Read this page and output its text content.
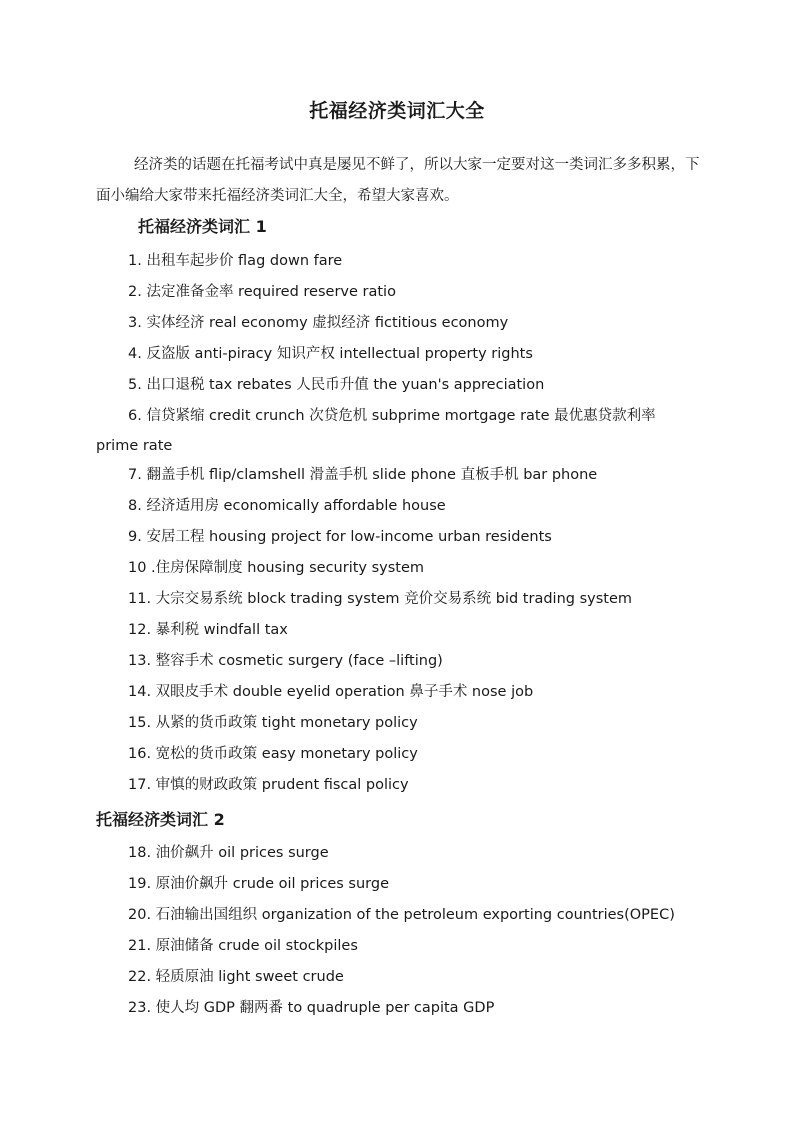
托福经济类词汇大全

经济类的话题在托福考试中真是屡见不鲜了，所以大家一定要对这一类词汇多多积累，下面小编给大家带来托福经济类词汇大全，希望大家喜欢。

托福经济类词汇 1
1. 出租车起步价 flag down fare
2. 法定准备金率 required reserve ratio
3. 实体经济 real economy 虚拟经济 fictitious economy
4. 反盗版 anti-piracy 知识产权 intellectual property rights
5. 出口退税 tax rebates 人民币升值 the yuan's appreciation
6. 信贷紧缩 credit crunch 次贷危机 subprime mortgage rate 最优惠贷款利率
prime rate
7. 翻盖手机 flip/clamshell 滑盖手机 slide phone 直板手机 bar phone
8. 经济适用房 economically affordable house
9. 安居工程 housing project for low-income urban residents
10 .住房保障制度 housing security system
11. 大宗交易系统 block trading system 竞价交易系统 bid trading system
12. 暴利税 windfall tax
13. 整容手术 cosmetic surgery (face –lifting)
14. 双眼皮手术 double eyelid operation 鼻子手术 nose job
15. 从紧的货币政策 tight monetary policy
16. 宽松的货币政策 easy monetary policy
17. 审慎的财政政策 prudent fiscal policy
托福经济类词汇 2
18. 油价飙升 oil prices surge
19. 原油价飙升 crude oil prices surge
20. 石油输出国组织 organization of the petroleum exporting countries(OPEC)
21. 原油储备 crude oil stockpiles
22. 轻质原油 light sweet crude
23. 使人均 GDP 翻两番 to quadruple per capita GDP
